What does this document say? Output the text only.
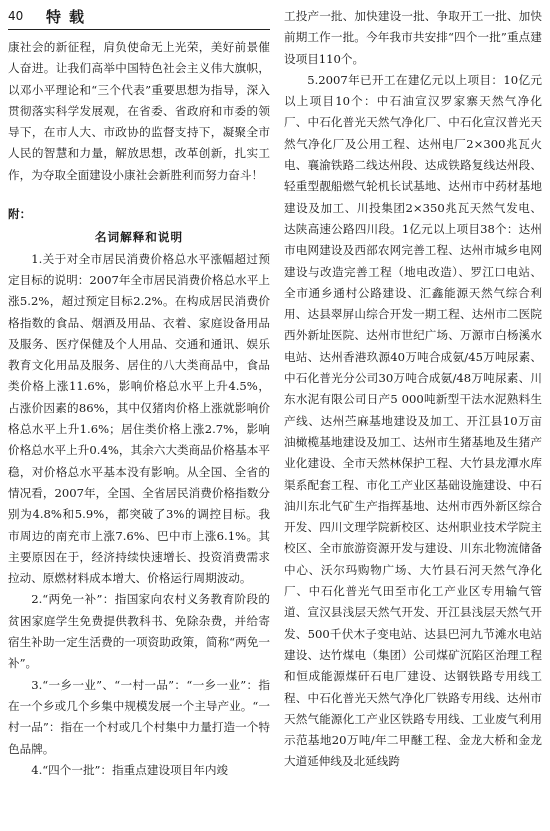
40 特载

康社会的新征程，肩负使命无上光荣，美好前景催人奋进。让我们高举中国特色社会主义伟大旗帜，以邓小平理论和“三个代表”重要思想为指导，深入贯彻落实科学发展观，在省委、省政府和市委的领导下，在市人大、市政协的监督支持下，凝聚全市人民的智慧和力量，解放思想，改革创新，扎实工作，为夺取全面建设小康社会新胜利而努力奋斗！

附：

名词解释和说明

1.关于对全市居民消费价格总水平涨幅超过预定目标的说明：2007年全市居民消费价格总水平上涨5.2%，超过预定目标2.2%。在构成居民消费价格指数的食品、烟酒及用品、衣着、家庭设备用品及服务、医疗保健及个人用品、交通和通讯、娱乐教育文化用品及服务、居住的八大类商品中，食品类价格上涨11.6%，影响价格总水平上升4.5%，占涨价因素的86%，其中仅猪肉价格上涨就影响价格总水平上升1.6%；居住类价格上涨2.7%，影响价格总水平上升0.4%，其余六大类商品价格基本平稳，对价格总水平基本没有影响。从全国、全省的情况看，2007年，全国、全省居民消费价格指数分别为4.8%和5.9%，都突破了3%的调控目标。我市周边的南充市上涨7.6%、巴中市上涨6.1%。其主要原因在于，经济持续快速增长、投资消费需求拉动、原燃材料成本增大、价格运行周期波动。

2.“两免一补”：指国家向农村义务教育阶段的贫困家庭学生免费提供教科书、免除杂费，并给寄宿生补助一定生活费的一项资助政策，简称“两免一补”。

3.“一乡一业”、“一村一品”：“一乡一业”：指在一个乡或几个乡集中规模发展一个主导产业。“一村一品”：指在一个村或几个村集中力量打造一个特色品牌。

4.“四个一批”：指重点建设项目年内竣

工投产一批、加快建设一批、争取开工一批、加快前期工作一批。今年我市共安排“四个一批”重点建设项目110个。

5.2007年已开工在建亿元以上项目：10亿元以上项目10个：中石油宣汉罗家寨天然气净化厂、中石化普光天然气净化厂、中石化宣汉普光天然气净化厂及公用工程、达州电厂2×300兆瓦火电、襄渝铁路二线达州段、达成铁路复线达州段、轻重型靓船燃气轮机长试基地、达州市中药材基地建设及加工、川投集团2×350兆瓦天然气发电、达陕高速公路四川段。1亿元以上项目38个：达州市电网建设及西部农网完善工程、达州市城乡电网建设与改造完善工程（地电改造）、罗江口电站、全市通乡通村公路建设、汇鑫能源天然气综合利用、达县翠屏山综合开发一期工程、达州市二医院西外新址医院、达州市世纪广场、万源市白杨溪水电站、达州香港玖源40万吨合成氨/45万吨尿素、中石化普光分公司30万吨合成氨/48万吨尿素、川东水泥有限公司日产5 000吨新型干法水泥熟料生产线、达州苎麻基地建设及加工、开江县10万亩油橄榄基地建设及加工、达州市生猪基地及生猪产业化建设、全市天然林保护工程、大竹县龙潭水库渠系配套工程、市化工产业区基础设施建设、中石油川东北气矿生产指挥基地、达州市西外新区综合开发、四川文理学院新校区、达州职业技术学院主校区、全市旅游资源开发与建设、川东北物流储备中心、沃尔玛购物广场、大竹县石河天然气净化厂、中石化普光气田至市化工产业区专用输气管道、宣汉县浅层天然气开发、开江县浅层天然气开发、500千伏木子变电站、达县巴河九节滩水电站建设、达竹煤电（集团）公司煤矿沉陷区治理工程和恒成能源煤矸石电厂建设、达钢铁路专用线工程、中石化普光天然气净化厂铁路专用线、达州市天然气能源化工产业区铁路专用线、工业废气利用示范基地20万吨/年二甲醚工程、金龙大桥和金龙大道延伸线及北延线跨
